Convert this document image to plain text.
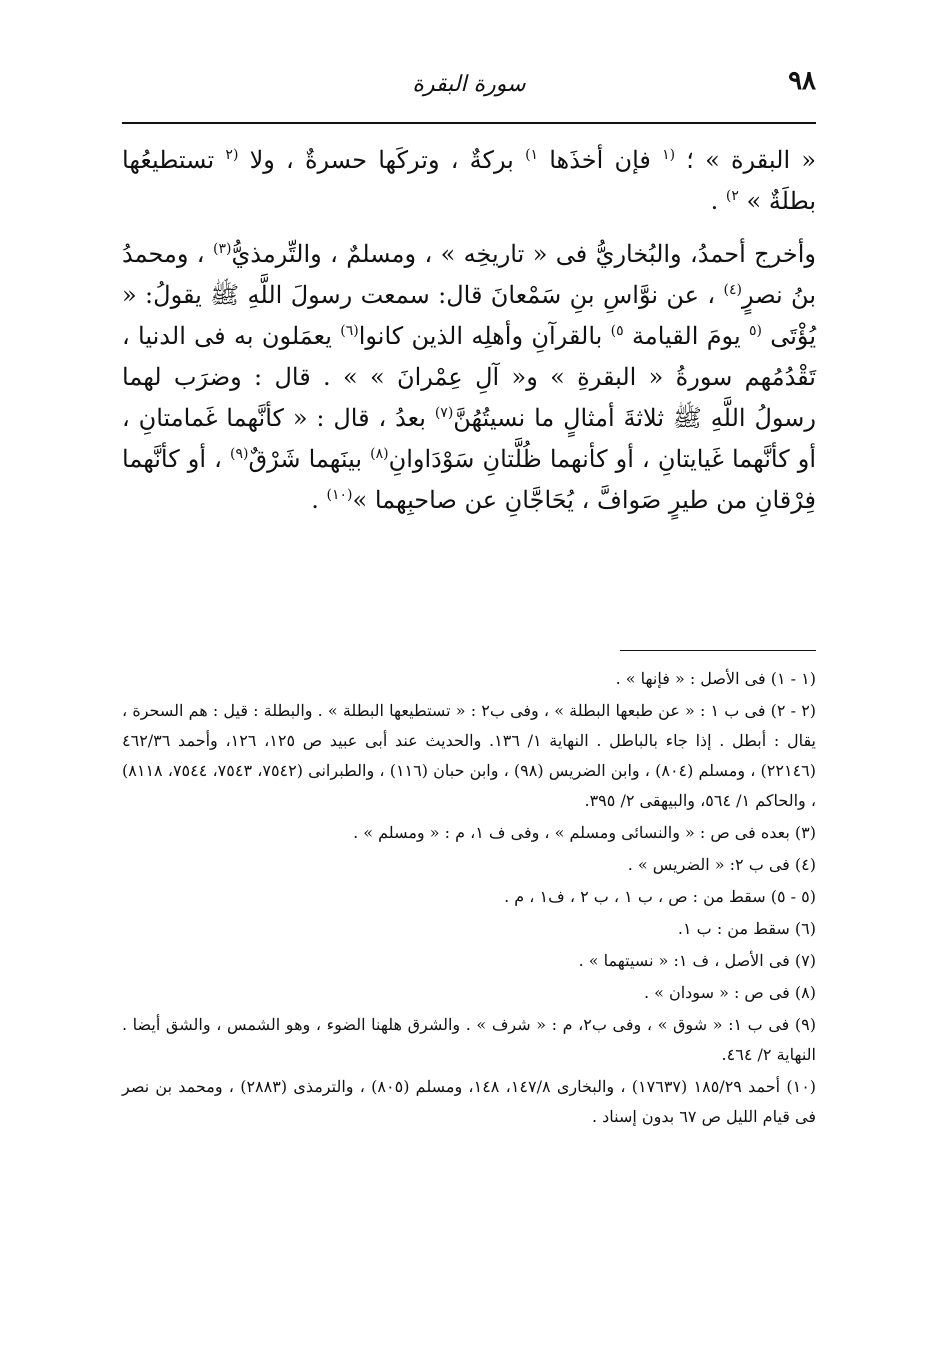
٩٨
سورة البقرة

« البقرة » ؛ $^{(١}$ فإن أخذَها $^{١)}$ بركةٌ ، وتركَها حسرةٌ ، ولا $^{(٢}$ تستطيعُها بطلَةٌ » $^{٢)}$ .

وأخرج أحمدُ، والبُخاريُّ فى « تاريخِه » ، ومسلمٌ ، والتِّرمذيُّ$^{(٣)}$ ، ومحمدُ بنُ نصرٍ$^{(٤)}$ ، عن نوَّاسِ بنِ سَمْعانَ قال: سمعت رسولَ اللَّهِ ﷺ يقولُ: « يُؤْتَى $^{(٥}$ يومَ القيامة $^{٥)}$ بالقرآنِ وأهلِه الذين كانوا$^{(٦)}$ يعمَلون به فى الدنيا ، تَقْدُمُهم سورةُ « البقرةِ » و« آلِ عِمْرانَ » » . قال : وضرَب لهما رسولُ اللَّهِ ﷺ ثلاثةَ أمثالٍ ما نسيتُهُنَّ$^{(٧)}$ بعدُ ، قال : « كأنَّهما غَمامتانِ ، أو كأنَّهما غَيايتانِ ، أو كأنهما ظُلَّتانِ سَوْدَاوانِ$^{(٨)}$ بينَهما شَرْقٌ$^{(٩)}$ ، أو كأنَّهما فِرْقانِ من طيرٍ صَوافَّ ، يُحَاجَّانِ عن صاحبِهما »$^{(١٠)}$ .

(١ - ١) فى الأصل : « فإنها » .

(٢ - ٢) فى ب ١ : « عن طبعها البطلة » ، وفى ب٢ : « تستطيعها البطلة » . والبطلة : قيل : هم السحرة ، يقال : أبطل . إذا جاء بالباطل . النهاية ١/ ١٣٦. والحديث عند أبى عبيد ص ١٢٥، ١٢٦، وأحمد ٤٦٢/٣٦ (٢٢١٤٦) ، ومسلم (٨٠٤) ، وابن الضريس (٩٨) ، وابن حبان (١١٦) ، والطبرانى (٧٥٤٢، ٧٥٤٣، ٧٥٤٤، ٨١١٨) ، والحاكم ١/ ٥٦٤، والبيهقى ٢/ ٣٩٥.

(٣) بعده فى ص : « والنسائى ومسلم » ، وفى ف ١، م : « ومسلم » .

(٤) فى ب ٢: « الضريس » .

(٥ - ٥) سقط من : ص ، ب ١ ، ب ٢ ، ف١ ، م .

(٦) سقط من : ب ١.

(٧) فى الأصل ، ف ١: « نسيتهما » .

(٨) فى ص : « سودان » .

(٩) فى ب ١: « شوق » ، وفى ب٢، م : « شرف » . والشرق هلهنا الضوء ، وهو الشمس ، والشق أيضا . النهاية ٢/ ٤٦٤.

(١٠) أحمد ١٨٥/٢٩ (١٧٦٣٧) ، والبخارى ١٤٧/٨، ١٤٨، ومسلم (٨٠٥) ، والترمذى (٢٨٨٣) ، ومحمد بن نصر فى قيام الليل ص ٦٧ بدون إسناد .
